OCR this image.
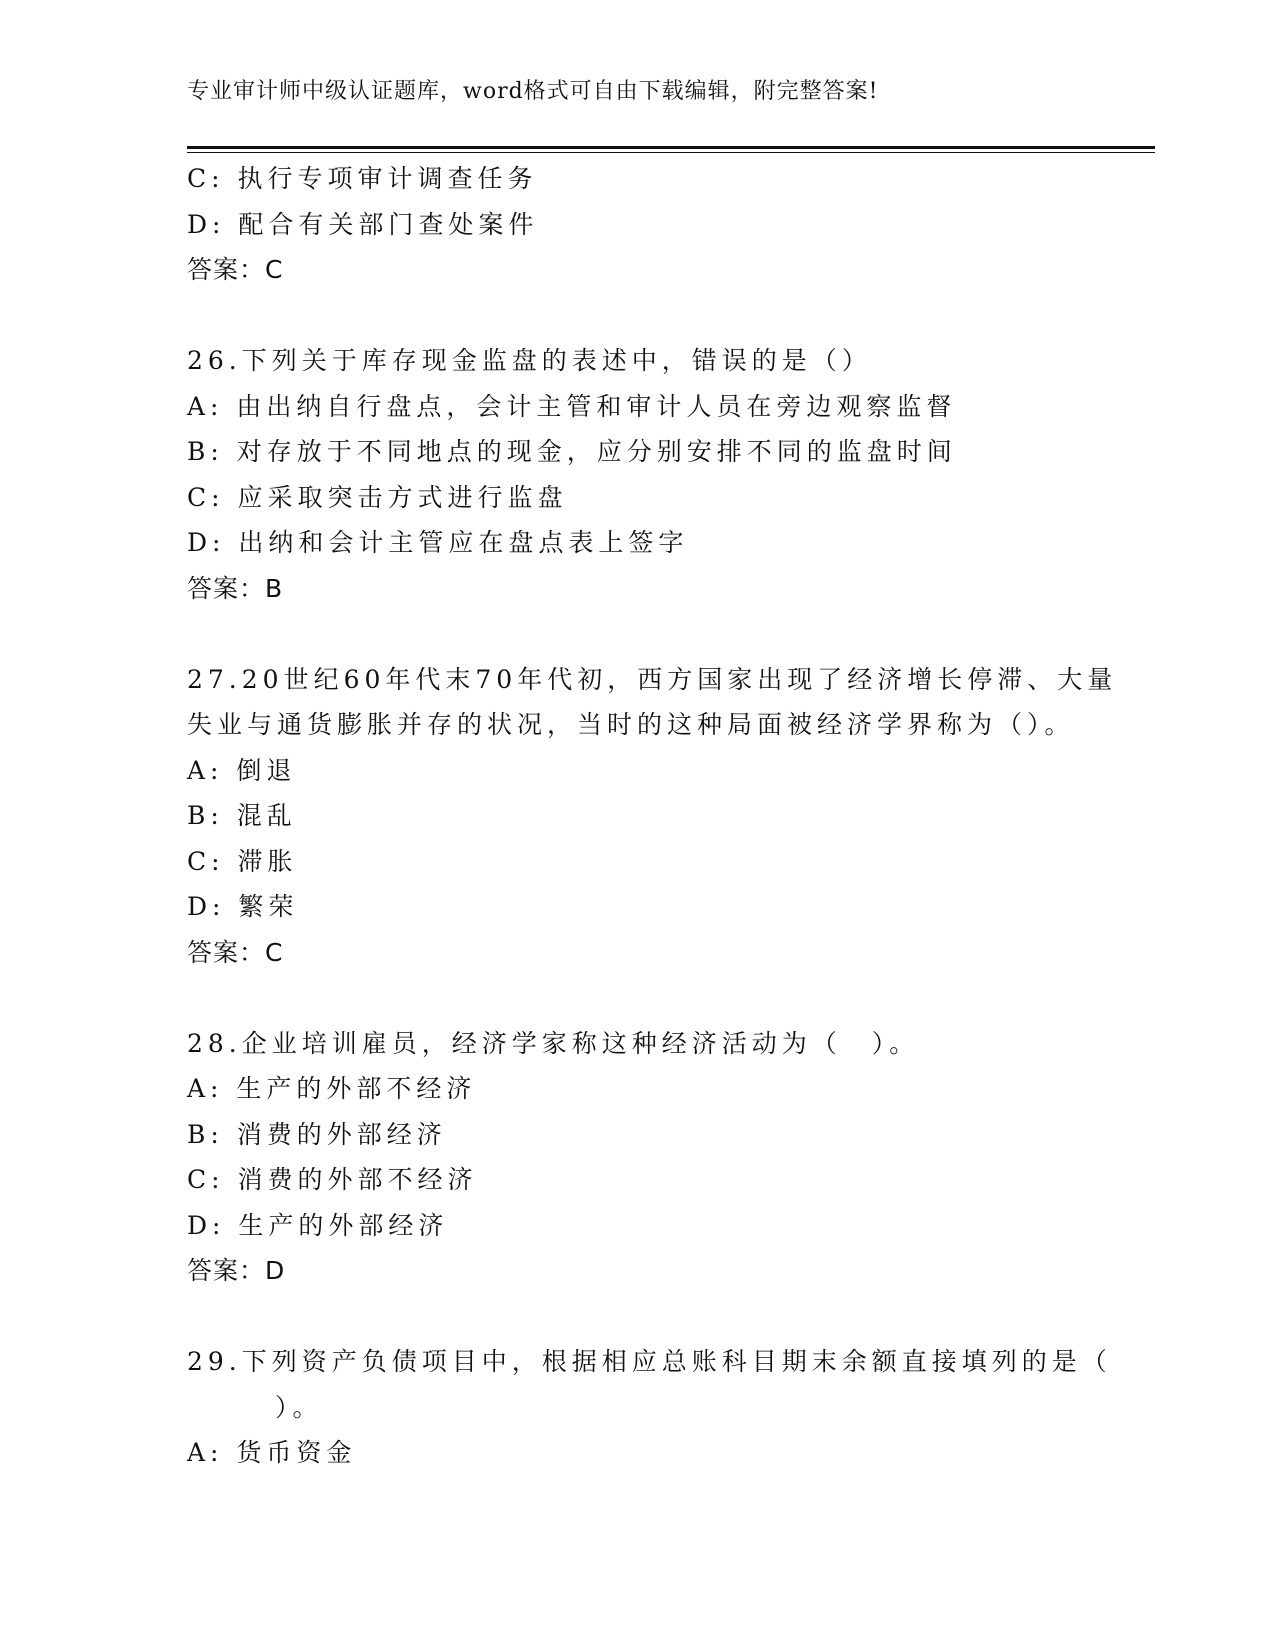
专业审计师中级认证题库，word格式可自由下载编辑，附完整答案!
C: 执行专项审计调查任务
D: 配合有关部门查处案件
答案：C
26.下列关于库存现金监盘的表述中，错误的是（）
A: 由出纳自行盘点，会计主管和审计人员在旁边观察监督
B: 对存放于不同地点的现金，应分别安排不同的监盘时间
C: 应采取突击方式进行监盘
D: 出纳和会计主管应在盘点表上签字
答案：B
27.20世纪60年代末70年代初，西方国家出现了经济增长停滞、大量
失业与通货膨胀并存的状况，当时的这种局面被经济学界称为（）。
A: 倒退
B: 混乱
C: 滞胀
D: 繁荣
答案：C
28.企业培训雇员，经济学家称这种经济活动为（　）。
A: 生产的外部不经济
B: 消费的外部经济
C: 消费的外部不经济
D: 生产的外部经济
答案：D
29.下列资产负债项目中，根据相应总账科目期末余额直接填列的是（
）。
A: 货币资金
